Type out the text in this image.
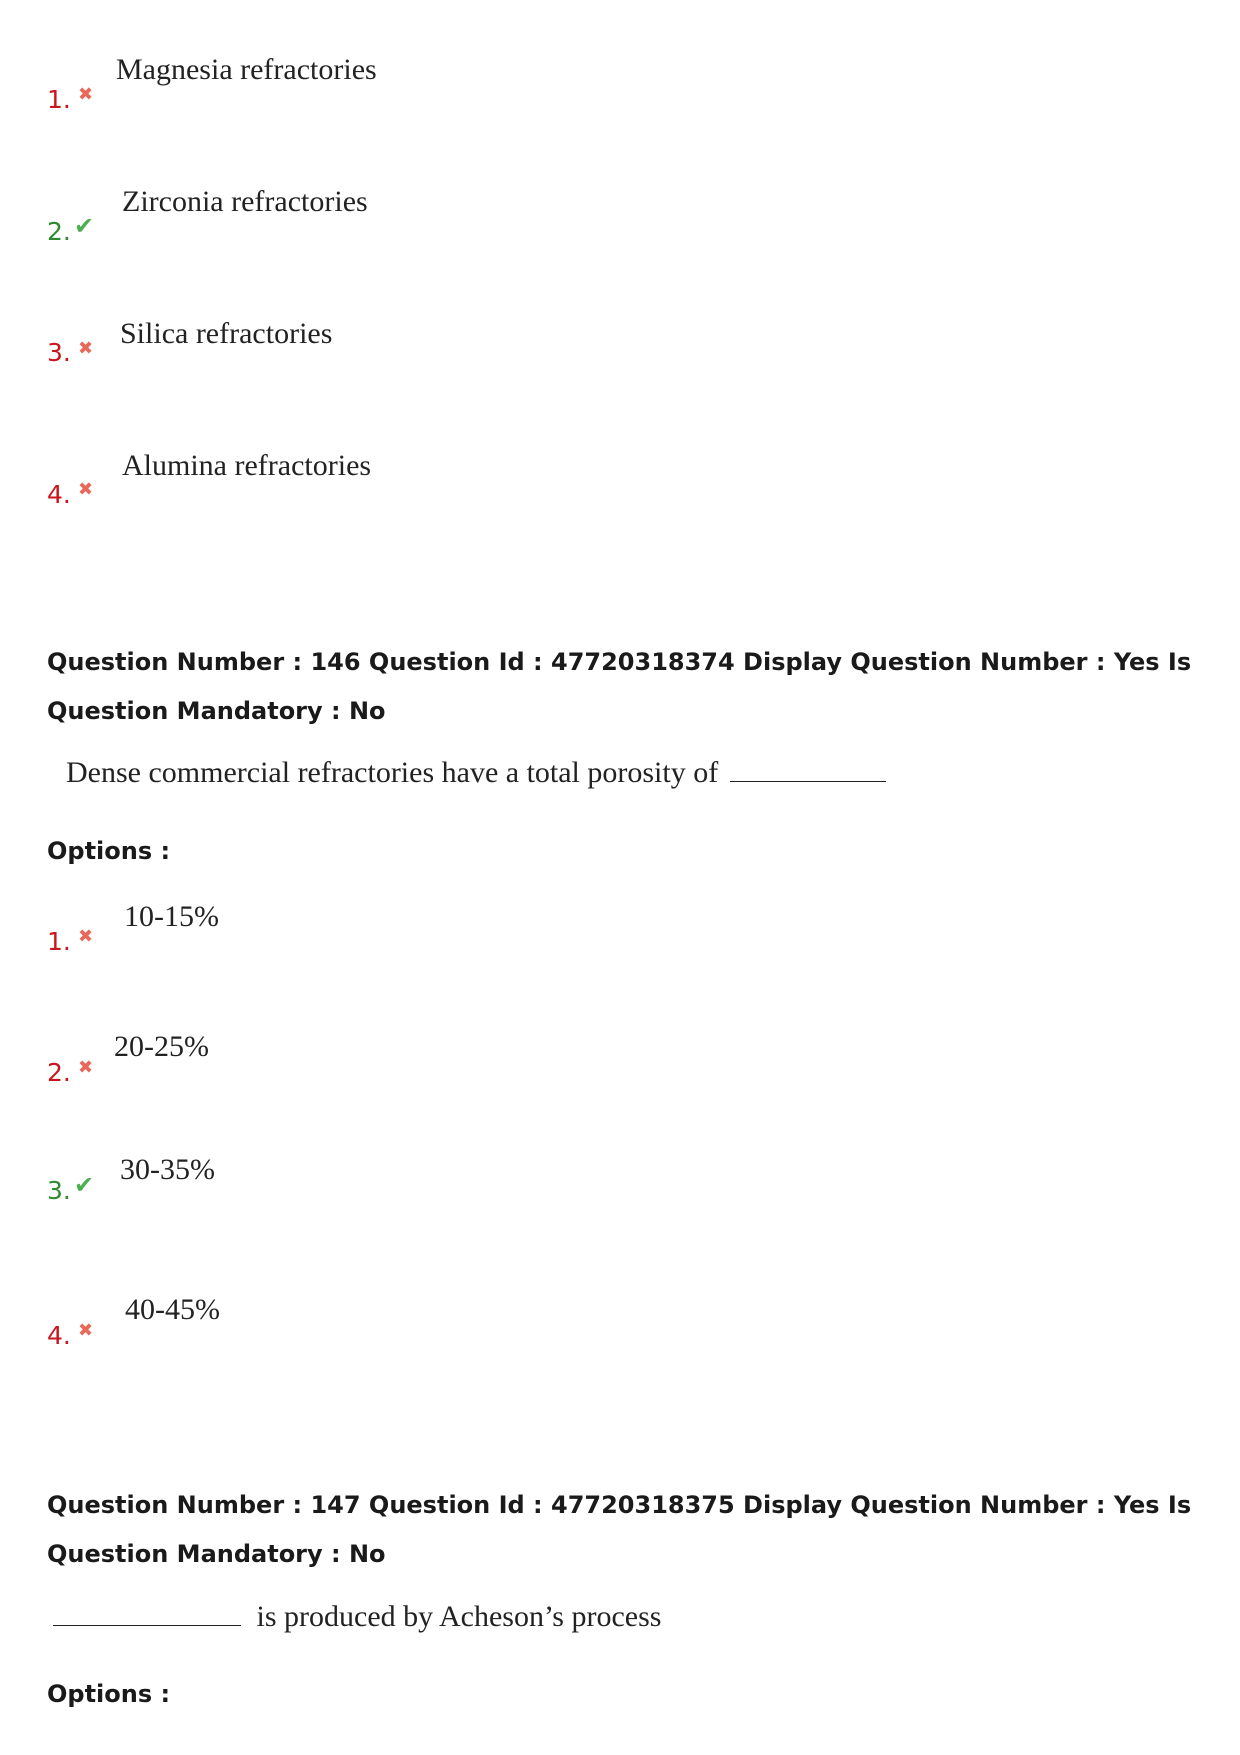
Magnesia refractories
1. ✖
Zirconia refractories
2. ✔
Silica refractories
3. ✖
Alumina refractories
4. ✖
Question Number : 146 Question Id : 47720318374 Display Question Number : Yes Is Question Mandatory : No
Dense commercial refractories have a total porosity of
Options :
10-15%
1. ✖
20-25%
2. ✖
30-35%
3. ✔
40-45%
4. ✖
Question Number : 147 Question Id : 47720318375 Display Question Number : Yes Is Question Mandatory : No
is produced by Acheson’s process
Options :
